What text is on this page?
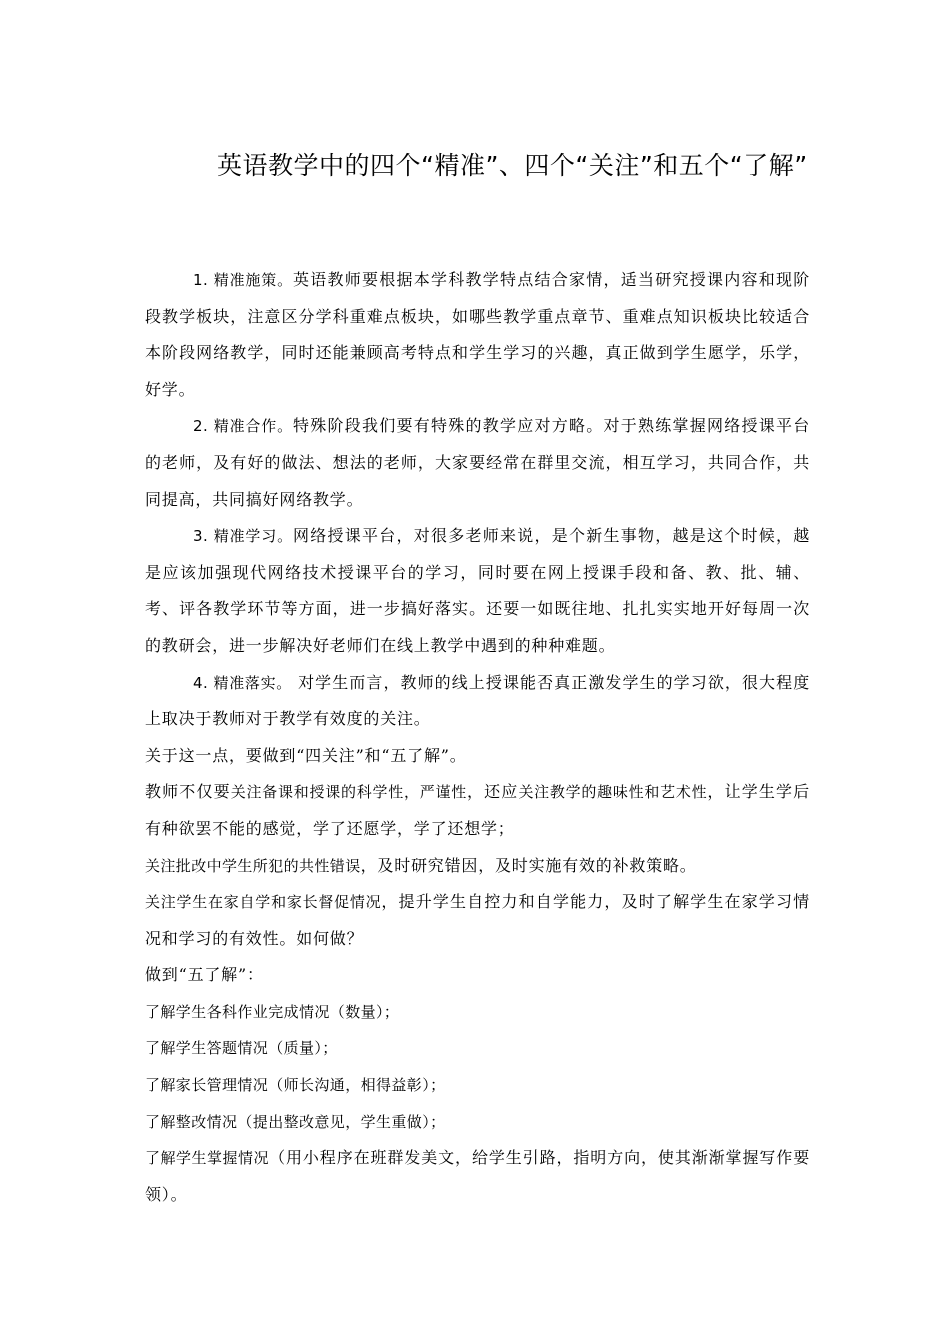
英语教学中的四个“精准”、四个“关注”和五个“了解”

1. 精准施策。英语教师要根据本学科教学特点结合家情，适当研究授课内容和现阶段教学板块，注意区分学科重难点板块，如哪些教学重点章节、重难点知识板块比较适合本阶段网络教学，同时还能兼顾高考特点和学生学习的兴趣，真正做到学生愿学，乐学，好学。

2. 精准合作。特殊阶段我们要有特殊的教学应对方略。对于熟练掌握网络授课平台的老师，及有好的做法、想法的老师，大家要经常在群里交流，相互学习，共同合作，共同提高，共同搞好网络教学。

3. 精准学习。网络授课平台，对很多老师来说，是个新生事物，越是这个时候，越是应该加强现代网络技术授课平台的学习，同时要在网上授课手段和备、教、批、辅、考、评各教学环节等方面，进一步搞好落实。还要一如既往地、扎扎实实地开好每周一次的教研会，进一步解决好老师们在线上教学中遇到的种种难题。

4. 精准落实。 对学生而言，教师的线上授课能否真正激发学生的学习欲，很大程度上取决于教师对于教学有效度的关注。

关于这一点，要做到“四关注”和“五了解”。

教师不仅要关注备课和授课的科学性，严谨性，还应关注教学的趣味性和艺术性，让学生学后有种欲罢不能的感觉，学了还愿学，学了还想学；

关注批改中学生所犯的共性错误，及时研究错因，及时实施有效的补救策略。

关注学生在家自学和家长督促情况，提升学生自控力和自学能力，及时了解学生在家学习情况和学习的有效性。如何做？

做到“五了解”：

了解学生各科作业完成情况（数量）；

了解学生答题情况（质量）；

了解家长管理情况（师长沟通，相得益彰）；

了解整改情况（提出整改意见，学生重做）；

了解学生掌握情况（用小程序在班群发美文，给学生引路，指明方向，使其渐渐掌握写作要领）。
